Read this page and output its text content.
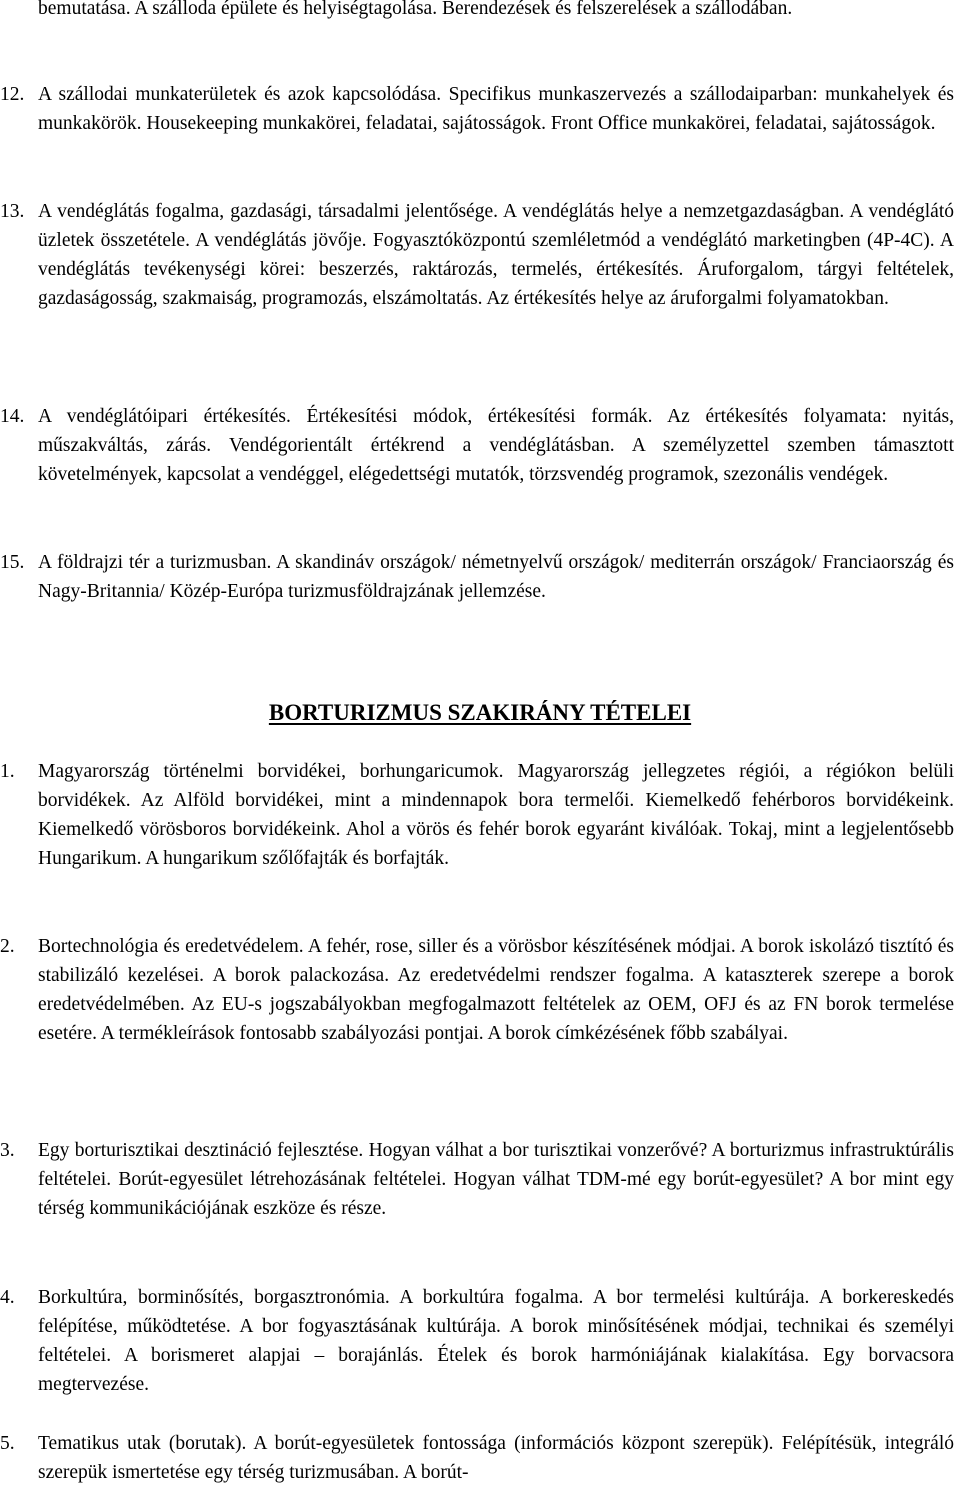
bemutatása. A szálloda épülete és helyiségtagolása. Berendezések és felszerelések a szállodában.

12. A szállodai munkaterületek és azok kapcsolódása. Specifikus munkaszervezés a szállodaiparban: munkahelyek és munkakörök. Housekeeping munkakörei, feladatai, sajátosságok. Front Office munkakörei, feladatai, sajátosságok.
13. A vendéglátás fogalma, gazdasági, társadalmi jelentősége. A vendéglátás helye a nemzetgazdaságban. A vendéglátó üzletek összetétele. A vendéglátás jövője. Fogyasztóközpontú szemléletmód a vendéglátó marketingben (4P-4C). A vendéglátás tevékenységi körei: beszerzés, raktározás, termelés, értékesítés. Áruforgalom, tárgyi feltételek, gazdaságosság, szakmaiság, programozás, elszámoltatás. Az értékesítés helye az áruforgalmi folyamatokban.
14. A vendéglátóipari értékesítés. Értékesítési módok, értékesítési formák. Az értékesítés folyamata: nyitás, műszakváltás, zárás. Vendégorientált értékrend a vendéglátásban. A személyzettel szemben támasztott követelmények, kapcsolat a vendéggel, elégedettségi mutatók, törzsvendég programok, szezonális vendégek.
15. A földrajzi tér a turizmusban. A skandináv országok/ németnyelvű országok/ mediterrán országok/ Franciaország és Nagy-Britannia/ Közép-Európa turizmusföldrajzának jellemzése.
BORTURIZMUS SZAKIRÁNY TÉTELEI
1.	Magyarország történelmi borvidékei, borhungaricumok. Magyarország jellegzetes régiói, a régiókon belüli borvidékek. Az Alföld borvidékei, mint a mindennapok bora termelői. Kiemelkedő fehérboros borvidékeink. Kiemelkedő vörösboros borvidékeink. Ahol a vörös és fehér borok egyaránt kiválóak. Tokaj, mint a legjelentősebb Hungarikum. A hungarikum szőlőfajták és borfajták.
2.	Bortechnológia és eredetvédelem. A fehér, rose, siller és a vörösbor készítésének módjai. A borok iskolázó tisztító és stabilizáló kezelései. A borok palackozása. Az eredetvédelmi rendszer fogalma. A kataszterek szerepe a borok eredetvédelmében. Az EU-s jogszabályokban megfogalmazott feltételek az OEM, OFJ és az FN borok termelése esetére. A termékleírások fontosabb szabályozási pontjai. A borok címkézésének főbb szabályai.
3.	Egy borturisztikai desztináció fejlesztése. Hogyan válhat a bor turisztikai vonzerővé? A borturizmus infrastruktúrális feltételei. Borút-egyesület létrehozásának feltételei. Hogyan válhat TDM-mé egy borút-egyesület? A bor mint egy térség kommunikációjának eszköze és része.
4.	Borkultúra, borminősítés, borgasztronómia. A borkultúra fogalma. A bor termelési kultúrája. A borkereskedés felépítése, működtetése. A bor fogyasztásának kultúrája. A borok minősítésének módjai, technikai és személyi feltételei. A borismeret alapjai – borajánlás. Ételek és borok harmóniájának kialakítása. Egy borvacsora megtervezése.
5.	Tematikus utak (borutak). A borút-egyesületek fontossága (információs központ szerepük). Felépítésük, integráló szerepük ismertetése egy térség turizmusában. A borút-
